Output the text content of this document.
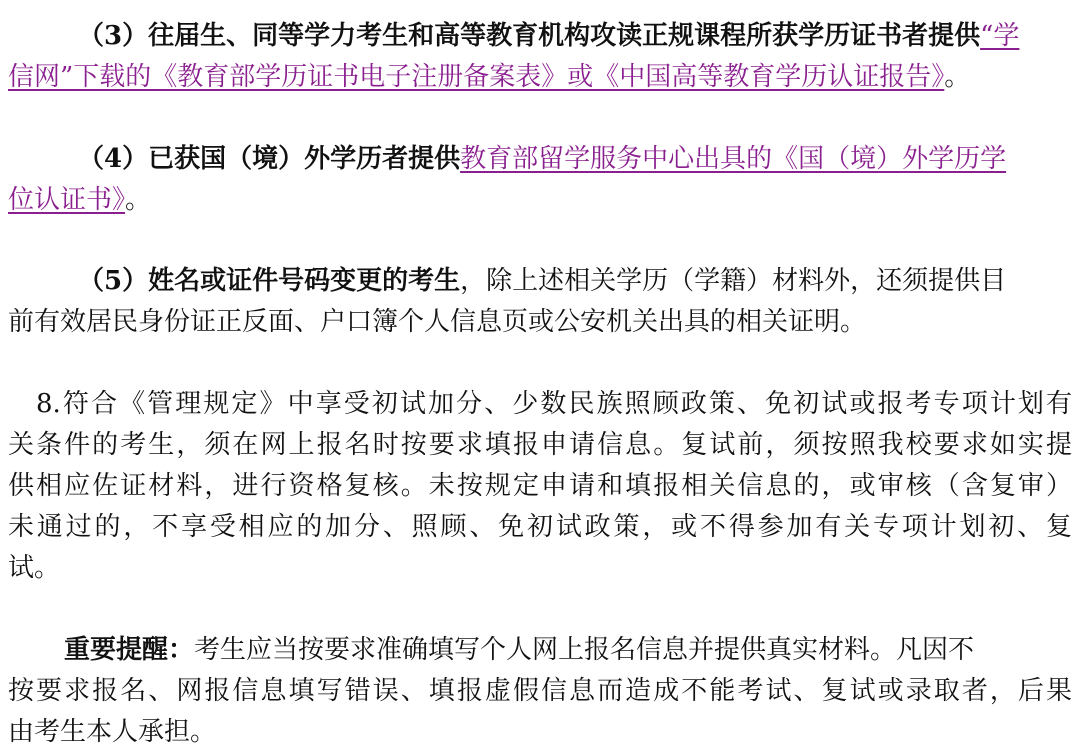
（3）往届生、同等学力考生和高等教育机构攻读正规课程所获学历证书者提供“学
信网”下载的《教育部学历证书电子注册备案表》或《中国高等教育学历认证报告》。
（4）已获国（境）外学历者提供教育部留学服务中心出具的《国（境）外学历学
位认证书》。
（5）姓名或证件号码变更的考生，除上述相关学历（学籍）材料外，还须提供目
前有效居民身份证正反面、户口簿个人信息页或公安机关出具的相关证明。
8.符合《管理规定》中享受初试加分、少数民族照顾政策、免初试或报考专项计划有
关条件的考生，须在网上报名时按要求填报申请信息。复试前，须按照我校要求如实提
供相应佐证材料，进行资格复核。未按规定申请和填报相关信息的，或审核（含复审）
未通过的，不享受相应的加分、照顾、免初试政策，或不得参加有关专项计划初、复
试。
重要提醒：考生应当按要求准确填写个人网上报名信息并提供真实材料。凡因不
按要求报名、网报信息填写错误、填报虚假信息而造成不能考试、复试或录取者，后果
由考生本人承担。
